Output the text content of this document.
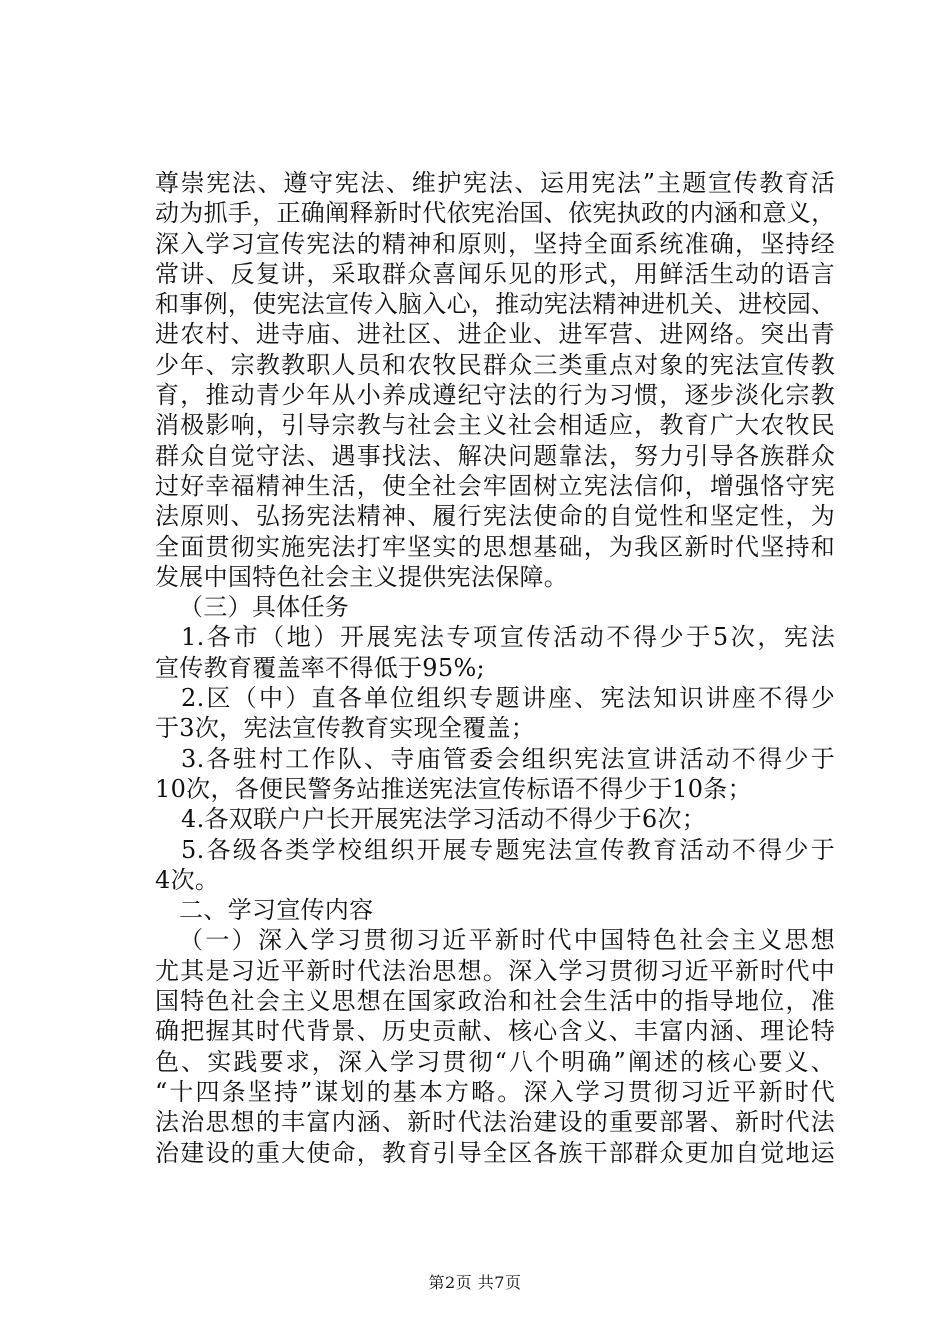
尊崇宪法、遵守宪法、维护宪法、运用宪法”主题宣传教育活
动为抓手，正确阐释新时代依宪治国、依宪执政的内涵和意义，
深入学习宣传宪法的精神和原则，坚持全面系统准确，坚持经
常讲、反复讲，采取群众喜闻乐见的形式，用鲜活生动的语言
和事例，使宪法宣传入脑入心，推动宪法精神进机关、进校园、
进农村、进寺庙、进社区、进企业、进军营、进网络。突出青
少年、宗教教职人员和农牧民群众三类重点对象的宪法宣传教
育，推动青少年从小养成遵纪守法的行为习惯，逐步淡化宗教
消极影响，引导宗教与社会主义社会相适应，教育广大农牧民
群众自觉守法、遇事找法、解决问题靠法，努力引导各族群众
过好幸福精神生活，使全社会牢固树立宪法信仰，增强恪守宪
法原则、弘扬宪法精神、履行宪法使命的自觉性和坚定性，为
全面贯彻实施宪法打牢坚实的思想基础，为我区新时代坚持和
发展中国特色社会主义提供宪法保障。
（三）具体任务
1.各市（地）开展宪法专项宣传活动不得少于5次，宪法
宣传教育覆盖率不得低于95%;
2.区（中）直各单位组织专题讲座、宪法知识讲座不得少
于3次，宪法宣传教育实现全覆盖；
3.各驻村工作队、寺庙管委会组织宪法宣讲活动不得少于
10次，各便民警务站推送宪法宣传标语不得少于10条；
4.各双联户户长开展宪法学习活动不得少于6次；
5.各级各类学校组织开展专题宪法宣传教育活动不得少于
4次。
二、学习宣传内容
（一）深入学习贯彻习近平新时代中国特色社会主义思想
尤其是习近平新时代法治思想。深入学习贯彻习近平新时代中
国特色社会主义思想在国家政治和社会生活中的指导地位，准
确把握其时代背景、历史贡献、核心含义、丰富内涵、理论特
色、实践要求，深入学习贯彻“八个明确”阐述的核心要义、
“十四条坚持”谋划的基本方略。深入学习贯彻习近平新时代
法治思想的丰富内涵、新时代法治建设的重要部署、新时代法
治建设的重大使命，教育引导全区各族干部群众更加自觉地运
第2页 共7页
